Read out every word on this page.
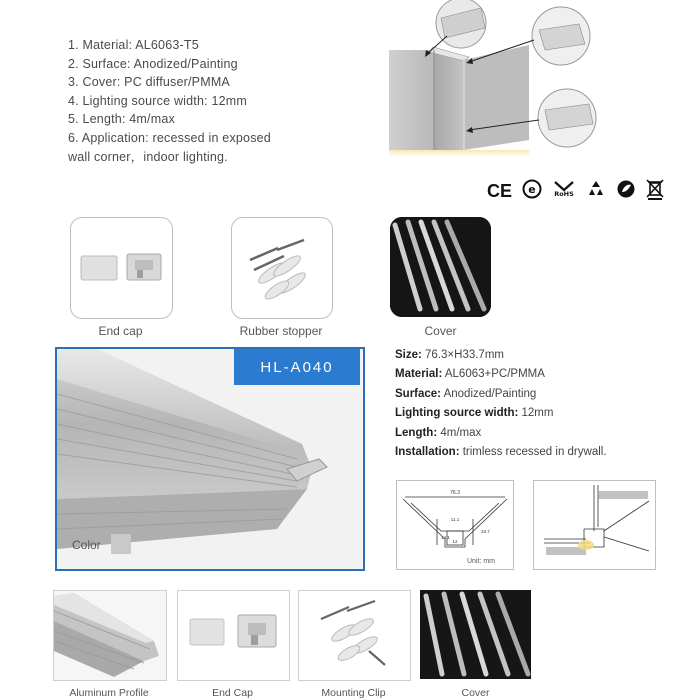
1. Material: AL6063-T5
2. Surface: Anodized/Painting
3. Cover: PC diffuser/PMMA
4. Lighting source width: 12mm
5. Length: 4m/max
6. Application: recessed in exposed
wall corner，indoor lighting.
CE e	RoHS
End cap	Rubber stopper	Cover
HL-A040
Color
Size: 76.3×H33.7mm
Material: AL6063+PC/PMMA
Surface: Anodized/Painting
Lighting source width: 12mm
Length: 4m/max
Installation: trimless recessed in drywall.
76.3
11.1
33.7
14.1
12
Unit: mm
Aluminum Profile	End Cap	Mounting Clip	Cover
